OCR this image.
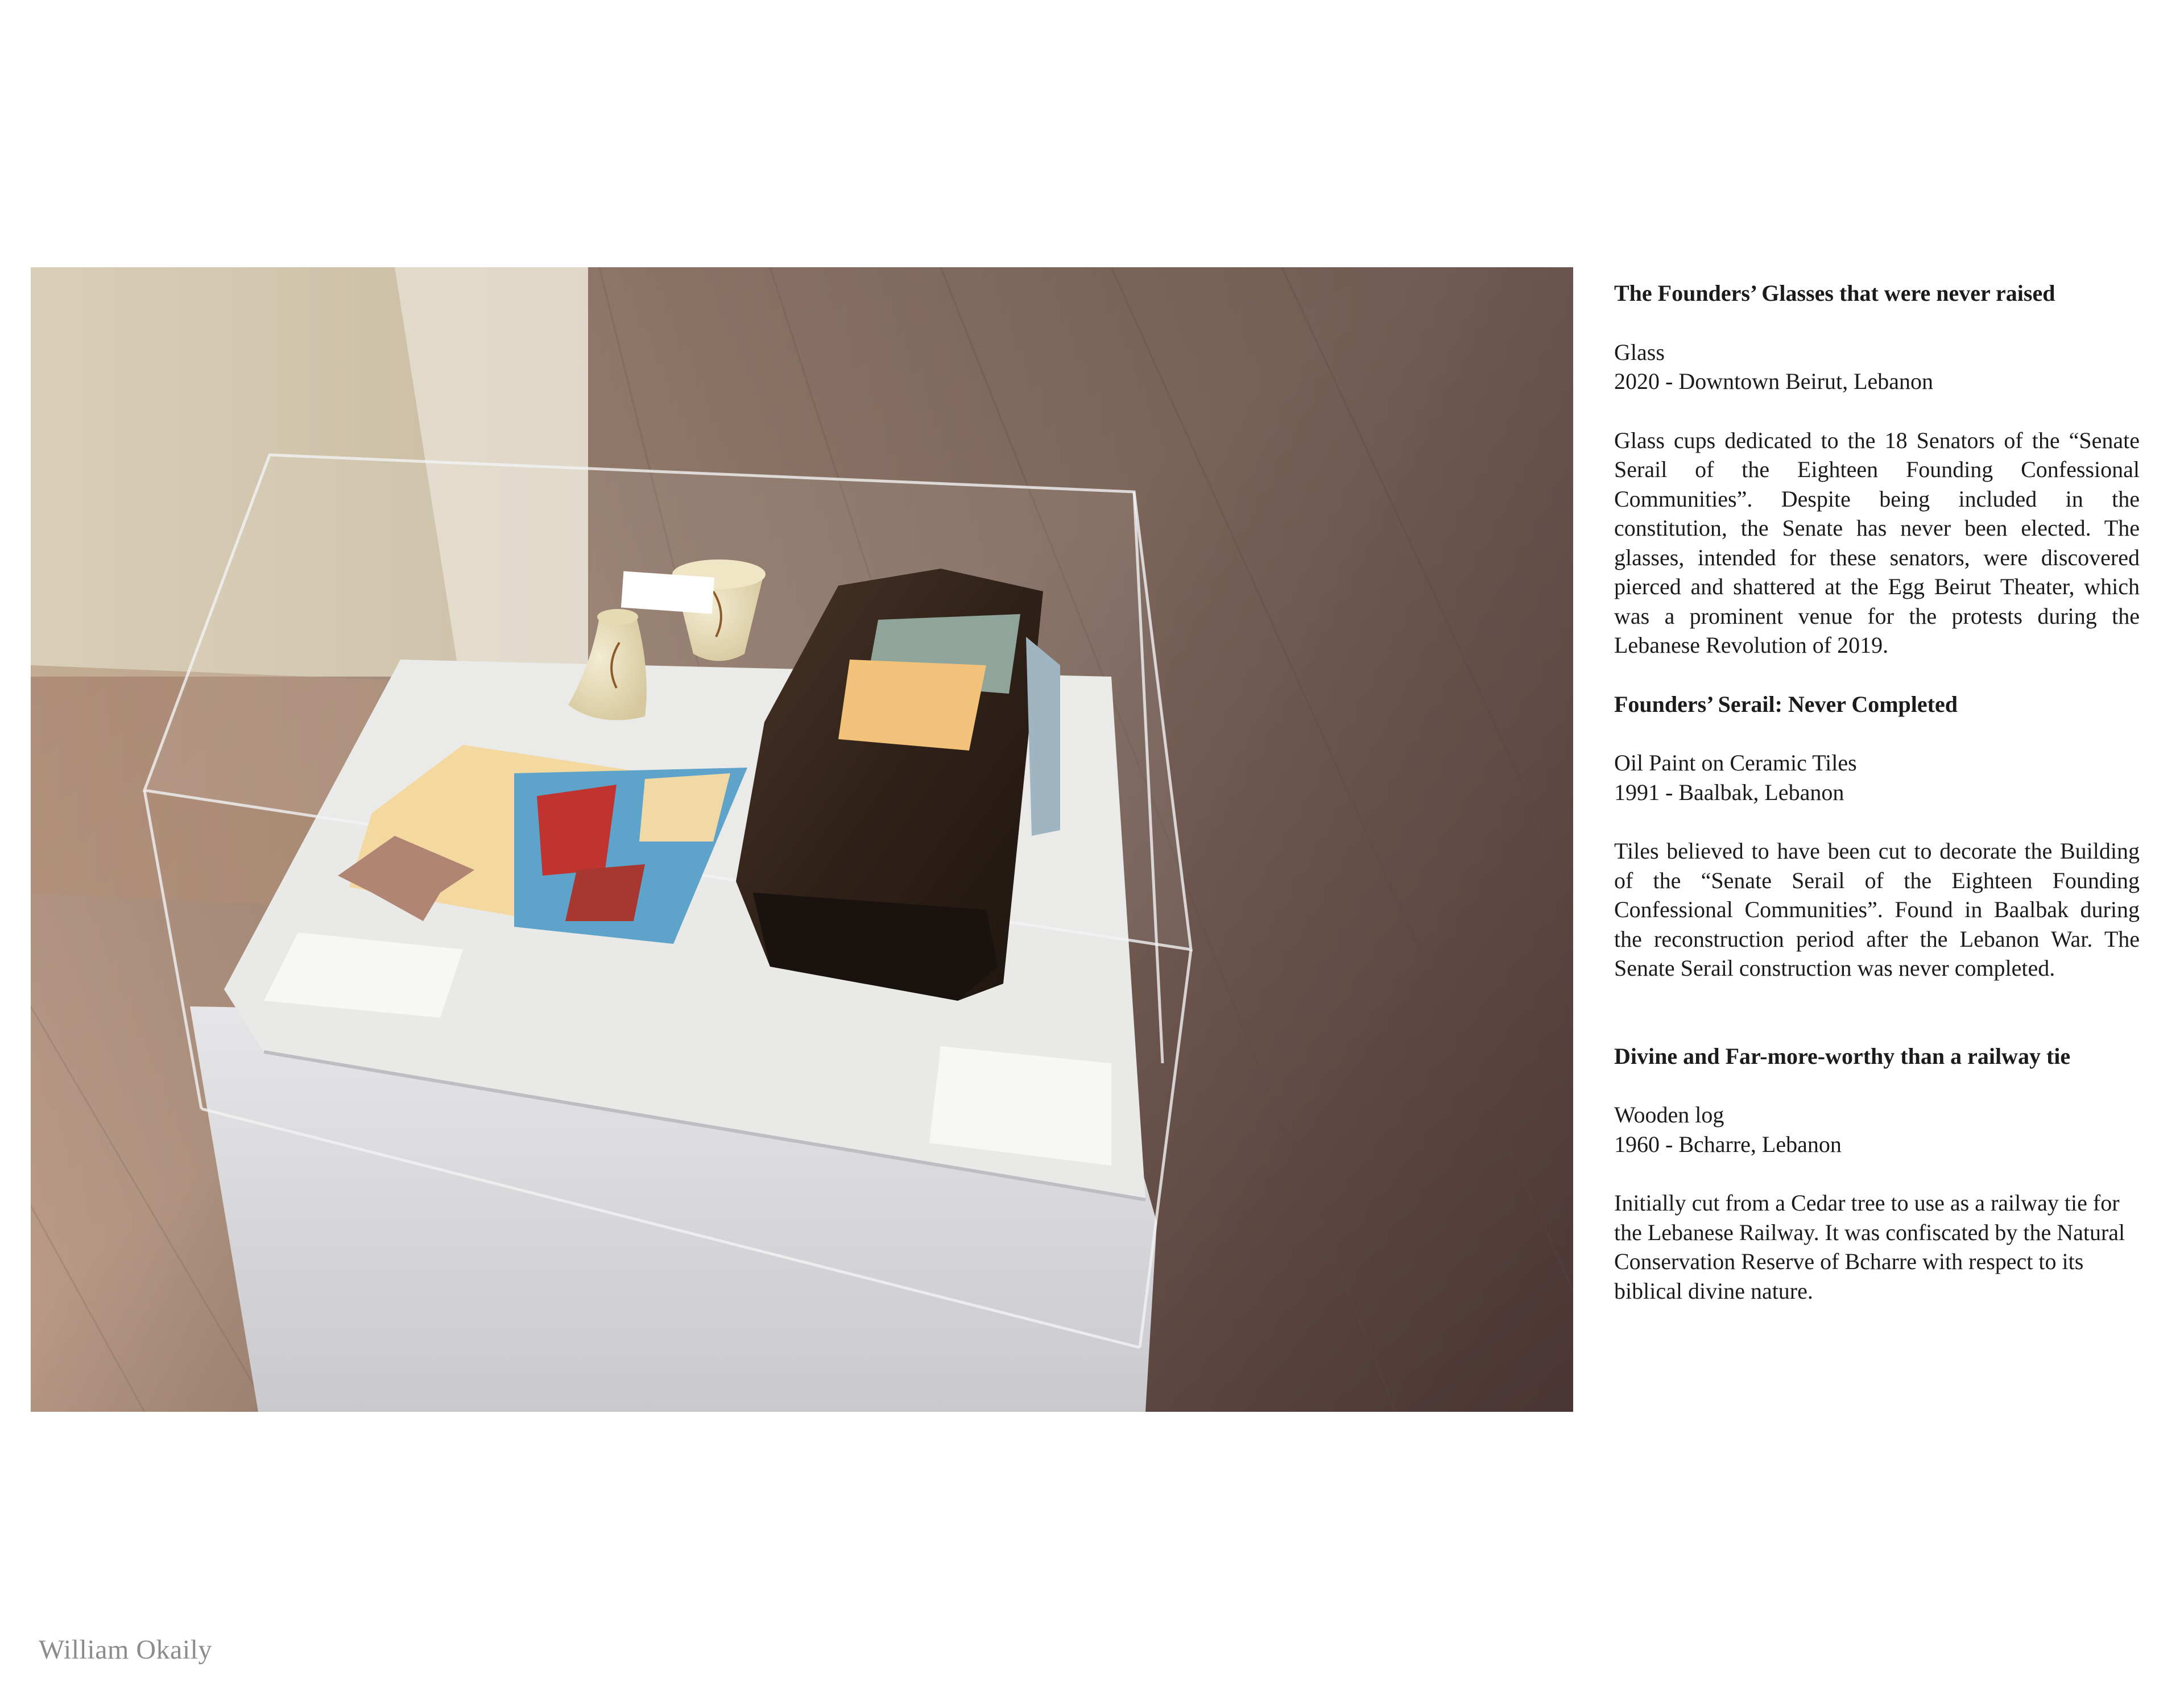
The Founders’ Glasses that were never raised

Glass

2020 - Downtown Beirut, Lebanon

Glass cups dedicated to the 18 Senators of the “Senate Serail of the Eighteen Founding Confessional Communities”. Despite being included in the constitution, the Senate has never been elected. The glasses, intended for these senators, were discovered pierced and shattered at the Egg Beirut Theater, which was a prominent venue for the protests during the Lebanese Revolution of 2019.

Founders’ Serail: Never Completed

Oil Paint on Ceramic Tiles

1991 - Baalbak, Lebanon

Tiles believed to have been cut to decorate the Building of the “Senate Serail of the Eighteen Founding Confessional Communities”. Found in Baalbak during the reconstruction period after the Lebanon War. The Senate Serail construction was never completed.

Divine and Far-more-worthy than a railway tie

Wooden log

1960 - Bcharre, Lebanon

Initially cut from a Cedar tree to use as a railway tie for the Lebanese Railway. It was confiscated by the Natural Conservation Reserve of Bcharre with respect to its biblical divine nature.

William Okaily
